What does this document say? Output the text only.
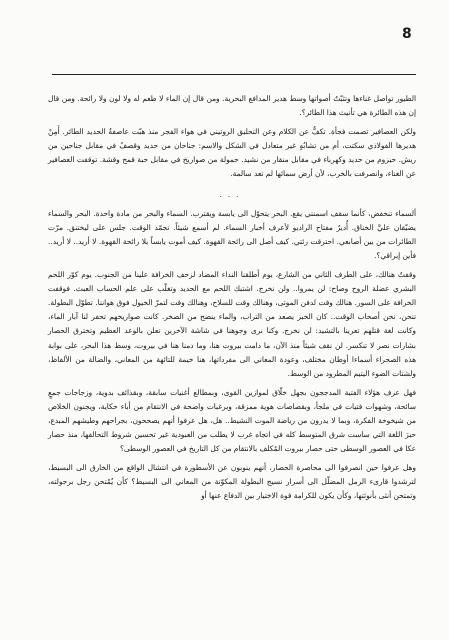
8

الطيور تواصل غناءها وتثبّتُ أصواتها وسط هدير المدافع البحرية. ومن قال إن الماء لا طعم له ولا لون ولا رائحة. ومن قال إن هذه الطائرة هي تأنيث هذا الطائر؟.

ولكن العصافير تصمت فجأة. تكفُّ عن الكلام وعن التحليق الروتيني في هواء الفجر منذ هبّت عاصفةُ الحديد الطائر. أَمِنْ هديرها الفولاذي سكتت، أم من تشابُهٍ غير متعادل في الشكل والاسم: جناحان من حديد وقصفٌ في مقابل جناحين من ريش. حيزوم من حديد وكهرباء في مقابل منقار من نشيد. حمولة من صواريخ في مقابل حبة قمح وقشة. توقفت العصافير عن الغناء، وانصرفت بالخرب، لأن أرض سمائها لم تعد سالمة.

...

ألسماء تنخفض، كأنما سقف اسمنتي يقع. البحر يتحوّل الى يابسة ويقترب. السماء والبحر من مادة واحدة. البحر والسماء يضيّقان عليَّ الخناق. أُديرُ مفتاح الراديو لأعرف أخبار السماء. لم أسمع شيئاً. تجمّد الوقت. جلس على ليختنق. مرّت الطائرات من بين أصابعي. احترقت رئتي. كيف أصل الى رائحة القهوة. كيف أموت يابساً بلا رائحة القهوة. لا أريد.. لا أريد.. فأين إبراقي؟.

وقفتُ هنالك، على الطرف الثاني من الشارع، يوم أطلقنا النداء المضاد لزحف الخرافة علينا من الجنوب. يوم كوّر اللحم البشري عضلة الروح وصاح: لن يمروا.. ولن نخرج. اشتبك اللحم مع الحديد وتغلّب على علم الحساب العبث. فوقفت الخرافة على السور. هنالك وقت لدفن الموتى، وهنالك وقت للسلاح، وهنالك وقت لتمرّ الخيول فوق هواننا. تطوّل البطولة. تنحن، نحن أصحاب الوقت.. كان الخبز يصعد من التراب، والماء ينضح من الصخر. كانت صواريخهم تحفر لنا آبار الماء، وكانت لغة قتلهم تعرينا بالتشيد: لن نخرج. وكنا نرى وجوهنا في شاشة الآخرين تعلن بالوعد العظيم وتخترق الحصار بشارات نصر لا تنكسر. لن نقف شيئاً منذ الآن، ما دامت بيروت هنا، وما دمنا هنا في بيروت، وسط هذا البحر، على بوابة هذه الصحراء أسماءا أوطان مختلف، وعودة المعاني الى مفرداتها، هنا خيمة للتائهة من المعاني، والضالة من الألفاظ، ولشتات الضوء اليتيم المطرود من الوسط.

فهل عرف هؤلاء الفتية المدججون بجهل خلّاق لموازين القوى، وبمطالع أغنيات سابقة، وبقذائف بدوية، وزجاجات جمعٍ سائحة، وشهوات فتيات في ملجأ، وبقصاصات هوية ممزقة، وبرغبات واضحة في الانتقام من أباء حكاية، ويجنون الخلاص من شيخوخة الفكرة، وبما لا يدرون من رياضة الموت النشيط.. هل، هل عرفوا أنهم يصححون، بجراحهم وطيشهم المبدع، حبرَ اللغة التي ساست شرق المتوسط كله في اتجاه غرب لا يطلب من العبودية غير تحسين شروط التحالفها، منذ حصار عكا في العصور الوسطى حتى حصار بيروت المُكلف بالانتقام من كل التاريخ في العصور الوسطى؟

وهل عرفوا حين انصرفوا الى محاصرة الحصار، أنهم ينوبون عن الأسطورة في انتشال الواقع من الخارق الى البسيط، لترشدوا قارىء الرمل المضلّل الى أسرار نسيج البطولة المكوّنة من المعاني الى البسيط؟ كأن يُمْتحن رجل برجولته، وتمتحن أنثى بأنوثتها، وكأن يكون للكرامة قوة الاختيار بين الدفاع عنها أو
